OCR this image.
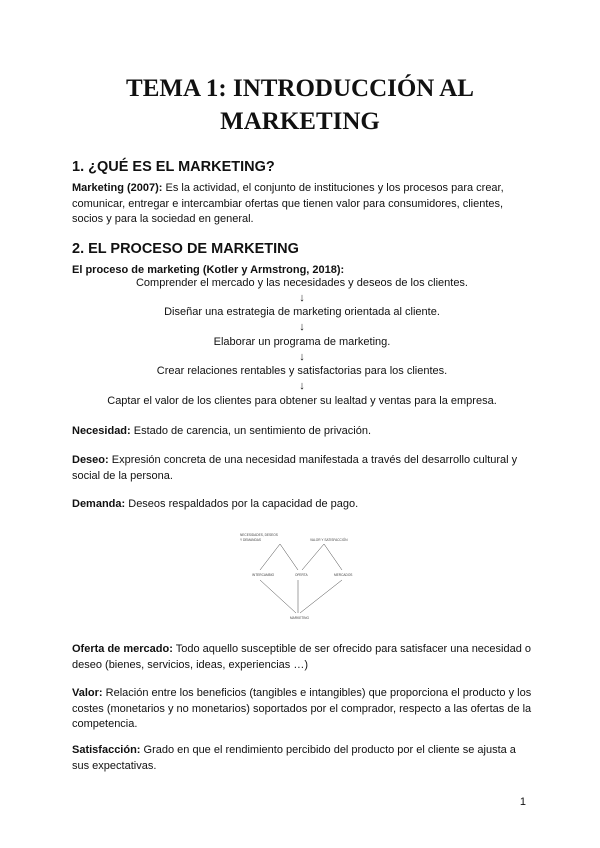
TEMA 1: INTRODUCCIÓN AL
MARKETING
1. ¿QUÉ ES EL MARKETING?

Marketing (2007): Es la actividad, el conjunto de instituciones y los procesos para crear, comunicar, entregar e intercambiar ofertas que tienen valor para consumidores, clientes, socios y para la sociedad en general.

2. EL PROCESO DE MARKETING

El proceso de marketing (Kotler y Armstrong, 2018):

Comprender el mercado y las necesidades y deseos de los clientes.

↓

Diseñar una estrategia de marketing orientada al cliente.

↓

Elaborar un programa de marketing.

↓

Crear relaciones rentables y satisfactorias para los clientes.

↓

Captar el valor de los clientes para obtener su lealtad y ventas para la empresa.

Necesidad: Estado de carencia, un sentimiento de privación.

Deseo: Expresión concreta de una necesidad manifestada a través del desarrollo cultural y social de la persona.

Demanda: Deseos respaldados por la capacidad de pago.

NECESIDADES, DESEOS
Y DEMANDAS	VALOR Y SATISFACCIÓN
INTERCAMBIO	OFERTA	MERCADOS
MARKETING

Oferta de mercado: Todo aquello susceptible de ser ofrecido para satisfacer una necesidad o deseo (bienes, servicios, ideas, experiencias …)

Valor: Relación entre los beneficios (tangibles e intangibles) que proporciona el producto y los costes (monetarios y no monetarios) soportados por el comprador, respecto a las ofertas de la competencia.

Satisfacción: Grado en que el rendimiento percibido del producto por el cliente se ajusta a sus expectativas.

1
